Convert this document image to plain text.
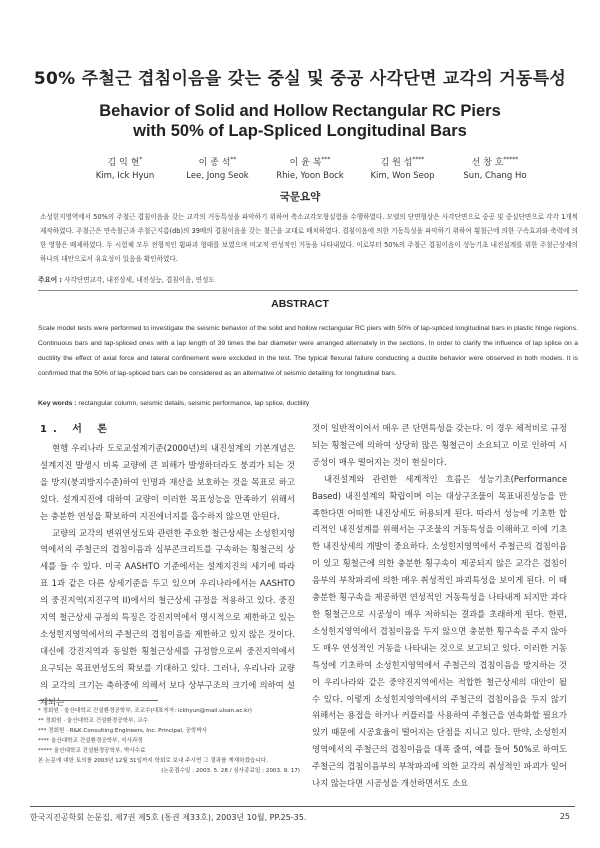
50% 주철근 겹침이음을 갖는 중실 및 중공 사각단면 교각의 거동특성
Behavior of Solid and Hollow Rectangular RC Piers
with 50% of Lap-Spliced Longitudinal Bars
김 익 현*
Kim, Ick Hyun
이 종 석**
Lee, Jong Seok
이 윤 복***
Rhie, Yoon Bock
김 원 섭****
Kim, Won Seop
선 창 호*****
Sun, Chang Ho
국문요약
소성힌지영역에서 50%의 주철근 겹침이음을 갖는 교각의 거동특성을 파악하기 위하여 축소교각모형실험을 수행하였다. 모델의 단면형상은 사각단면으로 중공 및 중실단면으로 각각 1개씩 제작하였다. 주철근은 연속철근과 주철근지름(db)의 39배의 겹침이음을 갖는 철근을 교대로 배치하였다. 겹침이음에 의한 거동특성을 파악하기 위하여 횡철근에 의한 구속효과와 축력에 의한 영향은 배제하였다. 두 시험체 모두 전형적인 휨파괴 형태를 보였으며 비교적 연성적인 거동을 나타내었다. 이로부터 50%의 주철근 겹침이음이 성능기초 내진설계를 위한 주철근상세의 하나의 대안으로서 유효성이 있음을 확인하였다.
주요어 : 사각단면교각, 내진상세, 내진성능, 겹침이음, 연성도
ABSTRACT
Scale model tests were performed to investigate the seismic behavior of the solid and hollow rectangular RC piers with 50% of lap-spliced longitudinal bars in plastic hinge regions. Continuous bars and lap-spliced ones with a lap length of 39 times the bar diameter were arranged alternately in the sections. In order to clarify the influence of lap splice on a ductility the effect of axial force and lateral confinement were excluded in the test. The typical flexural failure conducting a ductile behavior were observed in both models. It is confirmed that the 50% of lap-spliced bars can be considered as an alternative of seismic detailing for longitudinal bars.
Key words : rectangular column, seismic details, seismic performance, lap splice, ductility
1. 서 론

현행 우리나라 도로교설계기준(2000년)의 내진설계의 기본개념은 설계지진 발생시 비록 교량에 큰 피해가 발생하더라도 붕괴가 되는 것을 방지(붕괴방지수준)하여 인명과 재산을 보호하는 것을 목표로 하고 있다. 설계지진에 대하여 교량이 이러한 목표성능을 만족하기 위해서는 충분한 연성을 확보하여 지진에너지를 흡수하지 않으면 안된다.

교량의 교각의 변위연성도와 관련한 주요한 철근상세는 소성힌지영역에서의 주철근의 겹침이음과 심부콘크리트를 구속하는 횡철근의 상세를 들 수 있다. 미국 AASHTO 기준에서는 설계지진의 세기에 따라 표 1과 같은 다른 상세기준을 두고 있으며 우리나라에서는 AASHTO의 중진지역(지진구역 II)에서의 철근상세 규정을 적용하고 있다. 중진지역 철근상세 규정의 특징은 강진지역에서 명시적으로 제한하고 있는 소성힌지영역에서의 주철근의 겹침이음을 제한하고 있지 않은 것이다. 대신에 강진지역과 동일한 횡철근상세를 규정함으로써 중진지역에서 요구되는 목표연성도의 확보를 기대하고 있다. 그러나, 우리나라 교량의 교각의 크기는 축하중에 의해서 보다 상부구조의 크기에 의하여 설계되는

것이 일반적이어서 매우 큰 단면특성을 갖는다. 이 경우 체적비로 규정되는 횡철근에 의하여 상당히 많은 횡철근이 소요되고 이로 인하여 시공성이 매우 떨어지는 것이 현실이다.

내진설계와 관련한 세계적인 흐름은 성능기초(Performance Based) 내진설계의 확립이며 이는 대상구조물이 목표내진성능을 만족한다면 어떠한 내진상세도 허용되게 된다. 따라서 성능에 기초한 합리적인 내진설계를 위해서는 구조물의 거동특성을 이해하고 이에 기초한 내진상세의 개발이 중요하다. 소성힌지영역에서 주철근의 겹침이음이 있고 횡철근에 의한 충분한 횡구속이 제공되지 않은 교각은 겹침이음부의 부착파괴에 의한 매우 취성적인 파괴특성을 보이게 된다. 이 때 충분한 횡구속을 제공하면 연성적인 거동특성을 나타내게 되지만 과다한 횡철근으로 시공성이 매우 저하되는 결과를 초래하게 된다. 한편, 소성힌지영역에서 겹침이음을 두지 않으면 충분한 횡구속을 주지 않아도 매우 연성적인 거동을 나타내는 것으로 보고되고 있다. 이러한 거동특성에 기초하여 소성힌지영역에서 주철근의 겹침이음을 방지하는 것이 우리나라와 같은 중약진지역에서는 적합한 철근상세의 대안이 될 수 있다. 이렇게 소성힌지영역에서의 주철근의 겹침이음을 두지 않기 위해서는 용접을 하거나 커플러를 사용하여 주철근을 연속화할 필요가 있기 때문에 시공효율이 떨어지는 단점을 지니고 있다. 만약, 소성힌지영역에서의 주철근의 겹침이음을 대폭 줄여, 예를 들어 50%로 하여도 주철근의 겹침이음부의 부착파괴에 의한 교각의 취성적인 파괴가 일어나지 않는다면 시공성을 개선하면서도 소요

* 정회원 · 울산대학교 건설환경공학부, 조교수(대표저자: ickhyun@mail.ulsan.ac.kr)
** 정회원 · 울산대학교 건설환경공학부, 교수
*** 정회원 · R&K Consulting Engineers, Inc. Principal, 공학박사
**** 울산대학교 건설환경공학부, 석사과정
***** 울산대학교 건설환경공학부, 박사수료
본 논문에 대한 토의를 2003년 12월 31일까지 학회로 보내 주시면 그 결과를 게재하겠습니다.
(논문접수일 : 2003. 5. 28 / 심사종료일 : 2003. 9. 17)
한국지진공학회 논문집, 제7권 제5호 (통권 제33호), 2003년 10월, PP.25-35.	25
